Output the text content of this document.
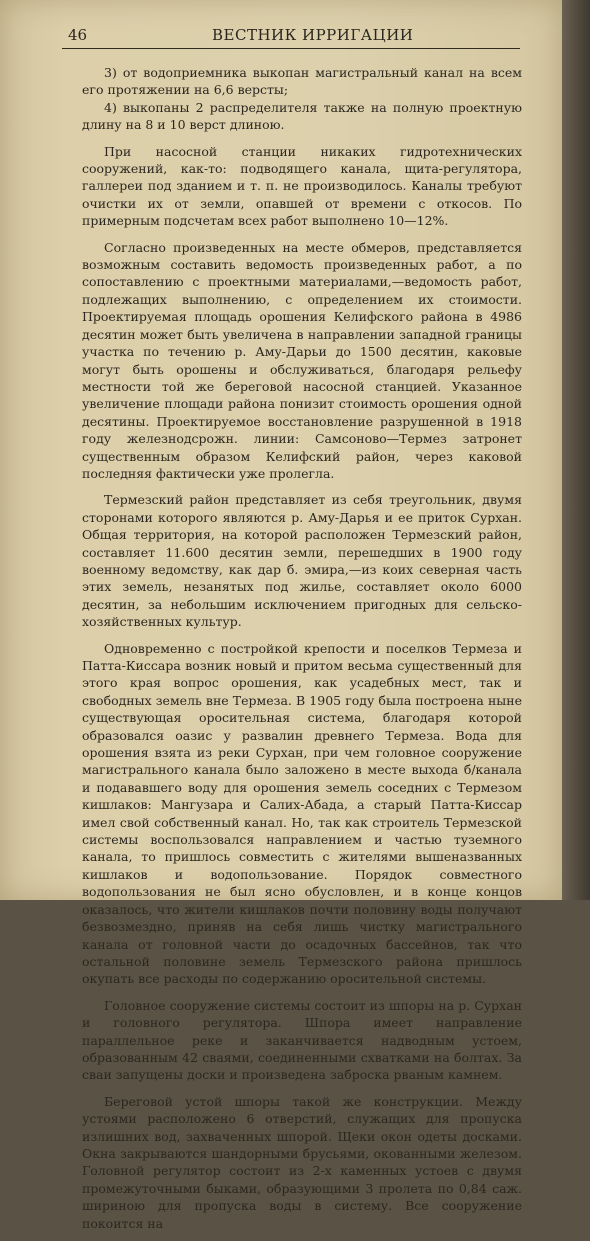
46	ВЕСТНИК ИРРИГАЦИИ

3) от водоприемника выкопан магистральный канал на всем его протяжении на 6,6 версты;

4) выкопаны 2 распределителя также на полную проектную длину на 8 и 10 верст длиною.

При насосной станции никаких гидротехнических сооружений, как-то: подводящего канала, щита-регулятора, галлереи под зданием и т. п. не производилось. Каналы требуют очистки их от земли, опавшей от времени с откосов. По примерным подсчетам всех работ выполнено 10—12%.

Согласно произведенных на месте обмеров, представляется возможным составить ведомость произведенных работ, а по сопоставлению с проектными материалами,—ведомость работ, подлежащих выполнению, с определением их стоимости. Проектируемая площадь орошения Келифского района в 4986 десятин может быть увеличена в направлении западной границы участка по течению р. Аму-Дарьи до 1500 десятин, каковые могут быть орошены и обслуживаться, благодаря рельефу местности той же береговой насосной станцией. Указанное увеличение площади района понизит стоимость орошения одной десятины. Проектируемое восстановление разрушенной в 1918 году железнодсрожн. линии: Самсоново—Термез затронет существенным образом Келифский район, через каковой последняя фактически уже пролегла.

Термезский район представляет из себя треугольник, двумя сторонами которого являются р. Аму-Дарья и ее приток Сурхан. Общая территория, на которой расположен Термезский район, составляет 11.600 десятин земли, перешедших в 1900 году военному ведомству, как дар б. эмира,—из коих северная часть этих земель, незанятых под жилье, составляет около 6000 десятин, за небольшим исключением пригодных для сельско-хозяйственных культур.

Одновременно с постройкой крепости и поселков Термеза и Патта-Киссара возник новый и притом весьма существенный для этого края вопрос орошения, как усадебных мест, так и свободных земель вне Термеза. В 1905 году была построена ныне существующая оросительная система, благодаря которой образовался оазис у развалин древнего Термеза. Вода для орошения взята из реки Сурхан, при чем головное сооружение магистрального канала было заложено в месте выхода б/канала и подававшего воду для орошения земель соседних с Термезом кишлаков: Мангузара и Салих-Абада, а старый Патта-Киссар имел свой собственный канал. Но, так как строитель Термезской системы воспользовался направлением и частью туземного канала, то пришлось совместить с жителями вышеназванных кишлаков и водопользование. Порядок совместного водопользования не был ясно обусловлен, и в конце концов оказалось, что жители кишлаков почти половину воды получают безвозмездно, приняв на себя лишь чистку магистрального канала от головной части до осадочных бассейнов, так что остальной половине земель Термезского района пришлось окупать все расходы по содержанию оросительной системы.

Головное сооружение системы состоит из шпоры на р. Сурхан и головного регулятора. Шпора имеет направление параллельное реке и заканчивается надводным устоем, образованным 42 сваями, соединенными схватками на болтах. За сваи запущены доски и произведена заброска рваным камнем.

Береговой устой шпоры такой же конструкции. Между устоями расположено 6 отверстий, служащих для пропуска излишних вод, захваченных шпорой. Щеки окон одеты досками. Окна закрываются шандорными брусьями, окованными железом. Головной регулятор состоит из 2-х каменных устоев с двумя промежуточными быками, образующими 3 пролета по 0,84 саж. шириною для пропуска воды в систему. Все сооружение покоится на
